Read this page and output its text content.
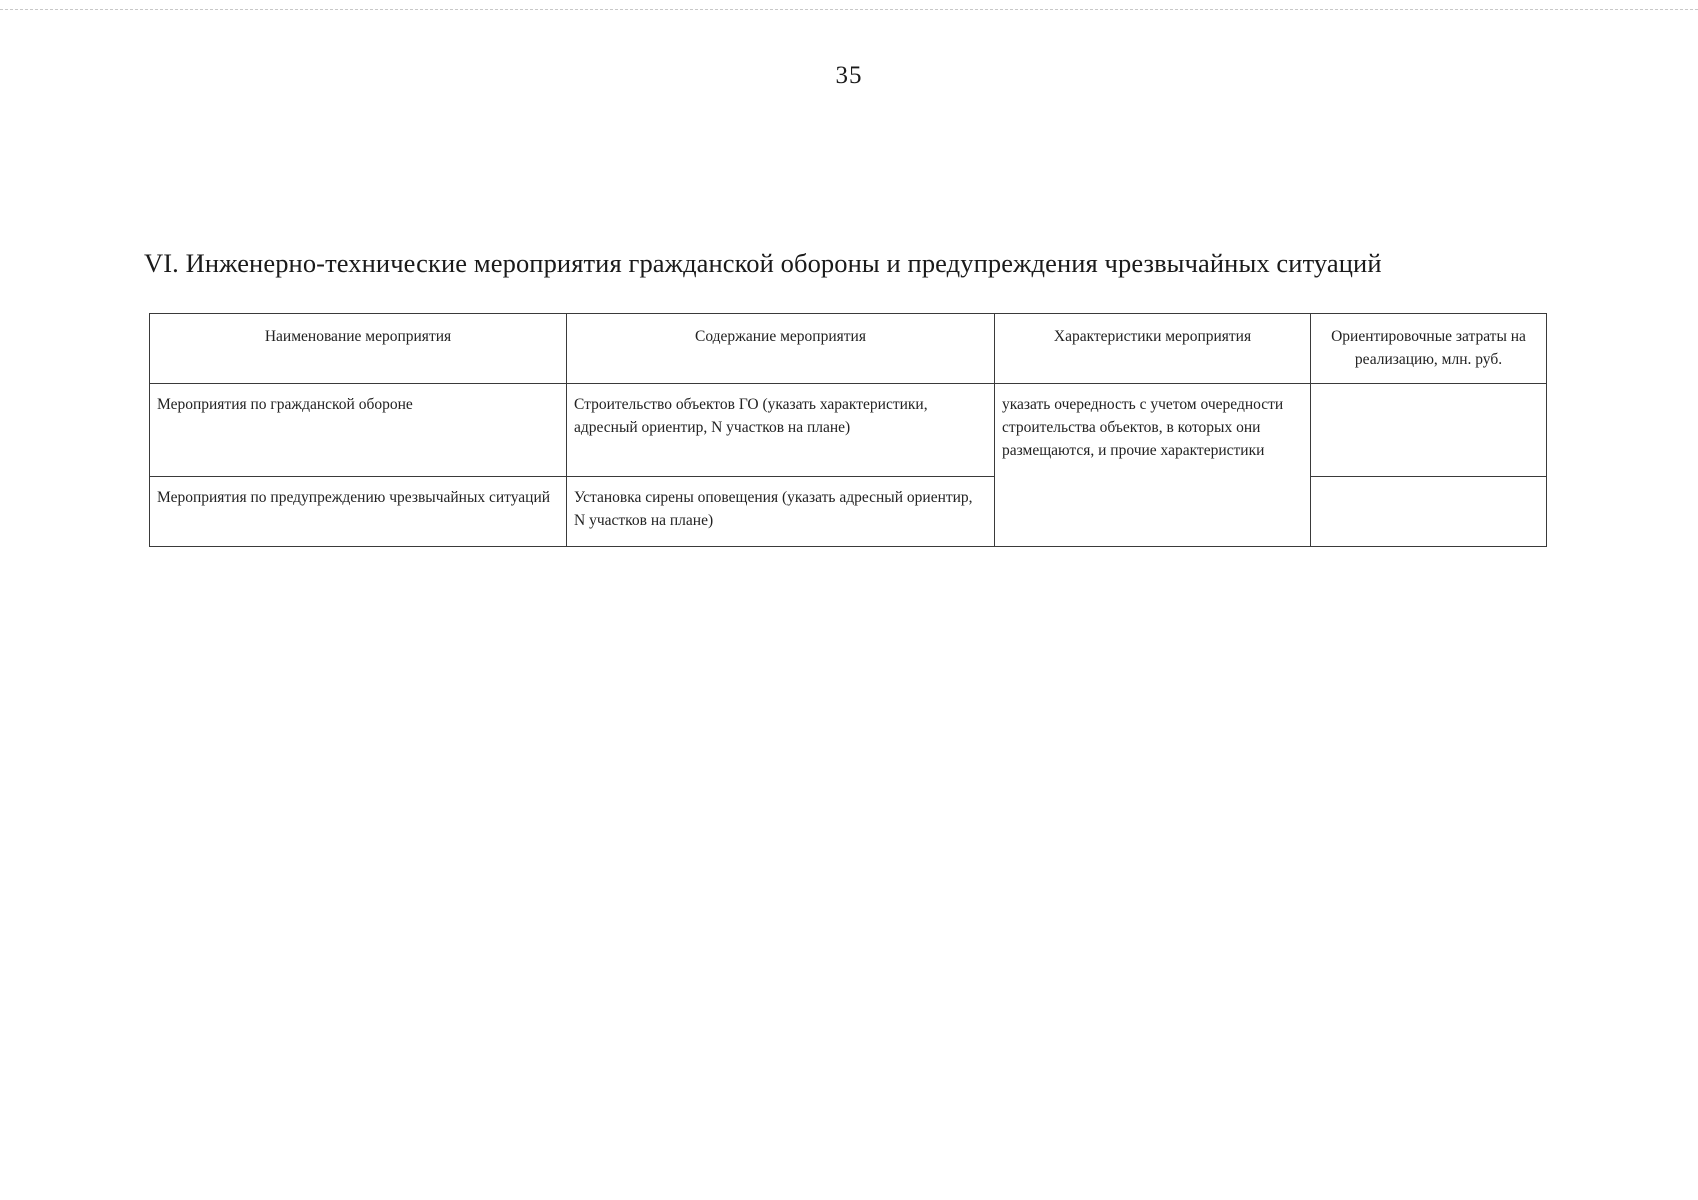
35
VI. Инженерно-технические мероприятия гражданской обороны и предупреждения чрезвычайных ситуаций
Наименование мероприятия	Содержание мероприятия	Характеристики мероприятия	Ориентировочные затраты на реализацию, млн. руб.
Мероприятия по гражданской обороне	Строительство объектов ГО (указать характеристики, адресный ориентир, N участков на плане)	указать очередность с учетом очередности строительства объектов, в которых они размещаются, и прочие характеристики	
Мероприятия по предупреждению чрезвычайных ситуаций	Установка сирены оповещения (указать адресный ориентир, N участков на плане)		
